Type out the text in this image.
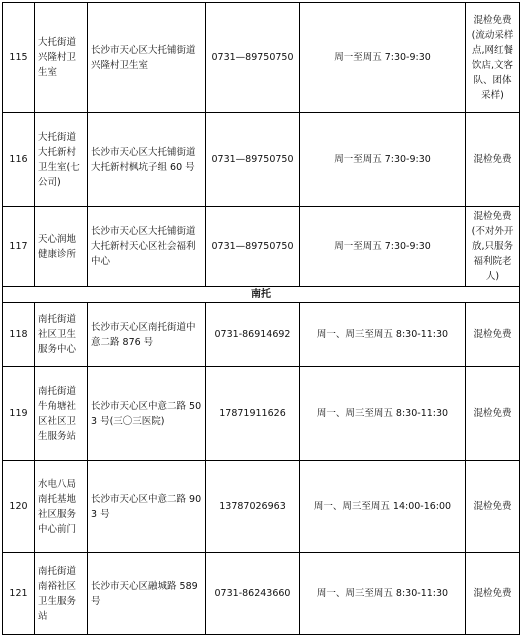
115	大托街道兴隆村卫生室	长沙市天心区大托铺街道兴隆村卫生室	0731—89750750	周一至周五 7:30-9:30	混检免费(流动采样点,网红餐饮店,文客队、团体采样)
116	大托街道大托新村卫生室(七公司)	长沙市天心区大托铺街道大托新村枫坑子组 60 号	0731—89750750	周一至周五 7:30-9:30	混检免费
117	天心润地健康诊所	长沙市天心区大托铺街道大托新村天心区社会福利中心	0731—89750750	周一至周五 7:30-9:30	混检免费(不对外开放,只服务福利院老人)
南托					
118	南托街道社区卫生服务中心	长沙市天心区南托街道中意二路 876 号	0731-86914692	周一、周三至周五 8:30-11:30	混检免费
119	南托街道牛角塘社区社区卫生服务站	长沙市天心区中意二路 503 号(三〇三医院)	17871911626	周一、周三至周五 8:30-11:30	混检免费
120	水电八局南托基地社区服务中心前门	长沙市天心区中意二路 903 号	13787026963	周一、周三至周五 14:00-16:00	混检免费
121	南托街道南裕社区卫生服务站	长沙市天心区融城路 589 号	0731-86243660	周一、周三至周五 8:30-11:30	混检免费
